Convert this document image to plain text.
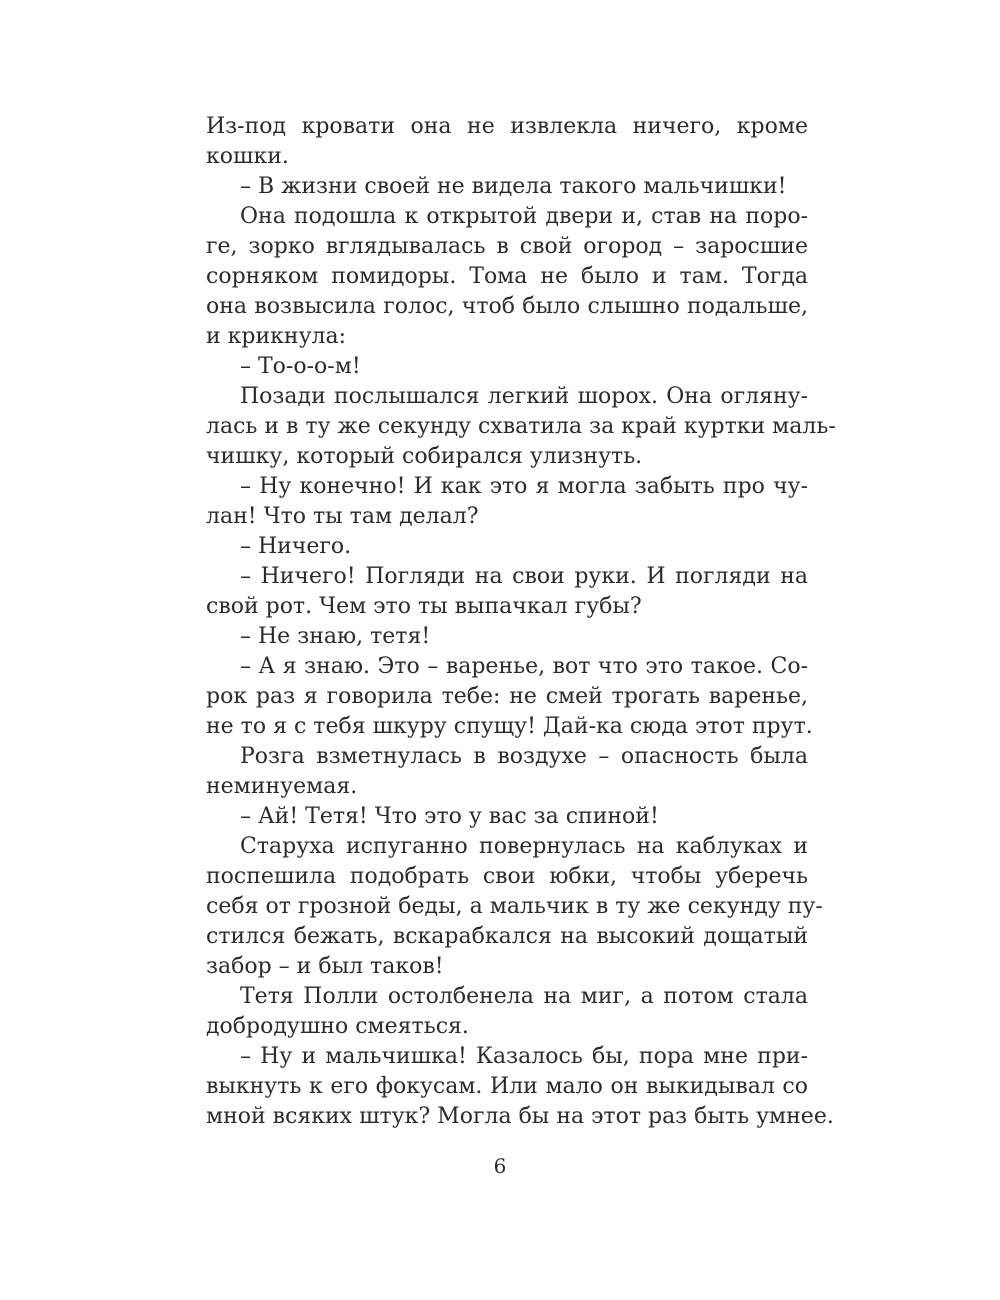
Из-под кровати она не извлекла ничего, кроме
кошки.
– В жизни своей не видела такого мальчишки!
Она подошла к открытой двери и, став на поро-
ге, зорко вглядывалась в свой огород – заросшие
сорняком помидоры. Тома не было и там. Тогда
она возвысила голос, чтоб было слышно подальше,
и крикнула:
– То-о-о-м!
Позади послышался легкий шорох. Она огляну-
лась и в ту же секунду схватила за край куртки маль-
чишку, который собирался улизнуть.
– Ну конечно! И как это я могла забыть про чу-
лан! Что ты там делал?
– Ничего.
– Ничего! Погляди на свои руки. И погляди на
свой рот. Чем это ты выпачкал губы?
– Не знаю, тетя!
– А я знаю. Это – варенье, вот что это такое. Со-
рок раз я говорила тебе: не смей трогать варенье,
не то я с тебя шкуру спущу! Дай-ка сюда этот прут.
Розга взметнулась в воздухе – опасность была
неминуемая.
– Ай! Тетя! Что это у вас за спиной!
Старуха испуганно повернулась на каблуках и
поспешила подобрать свои юбки, чтобы уберечь
себя от грозной беды, а мальчик в ту же секунду пу-
стился бежать, вскарабкался на высокий дощатый
забор – и был таков!
Тетя Полли остолбенела на миг, а потом стала
добродушно смеяться.
– Ну и мальчишка! Казалось бы, пора мне при-
выкнуть к его фокусам. Или мало он выкидывал со
мной всяких штук? Могла бы на этот раз быть умнее.
6
